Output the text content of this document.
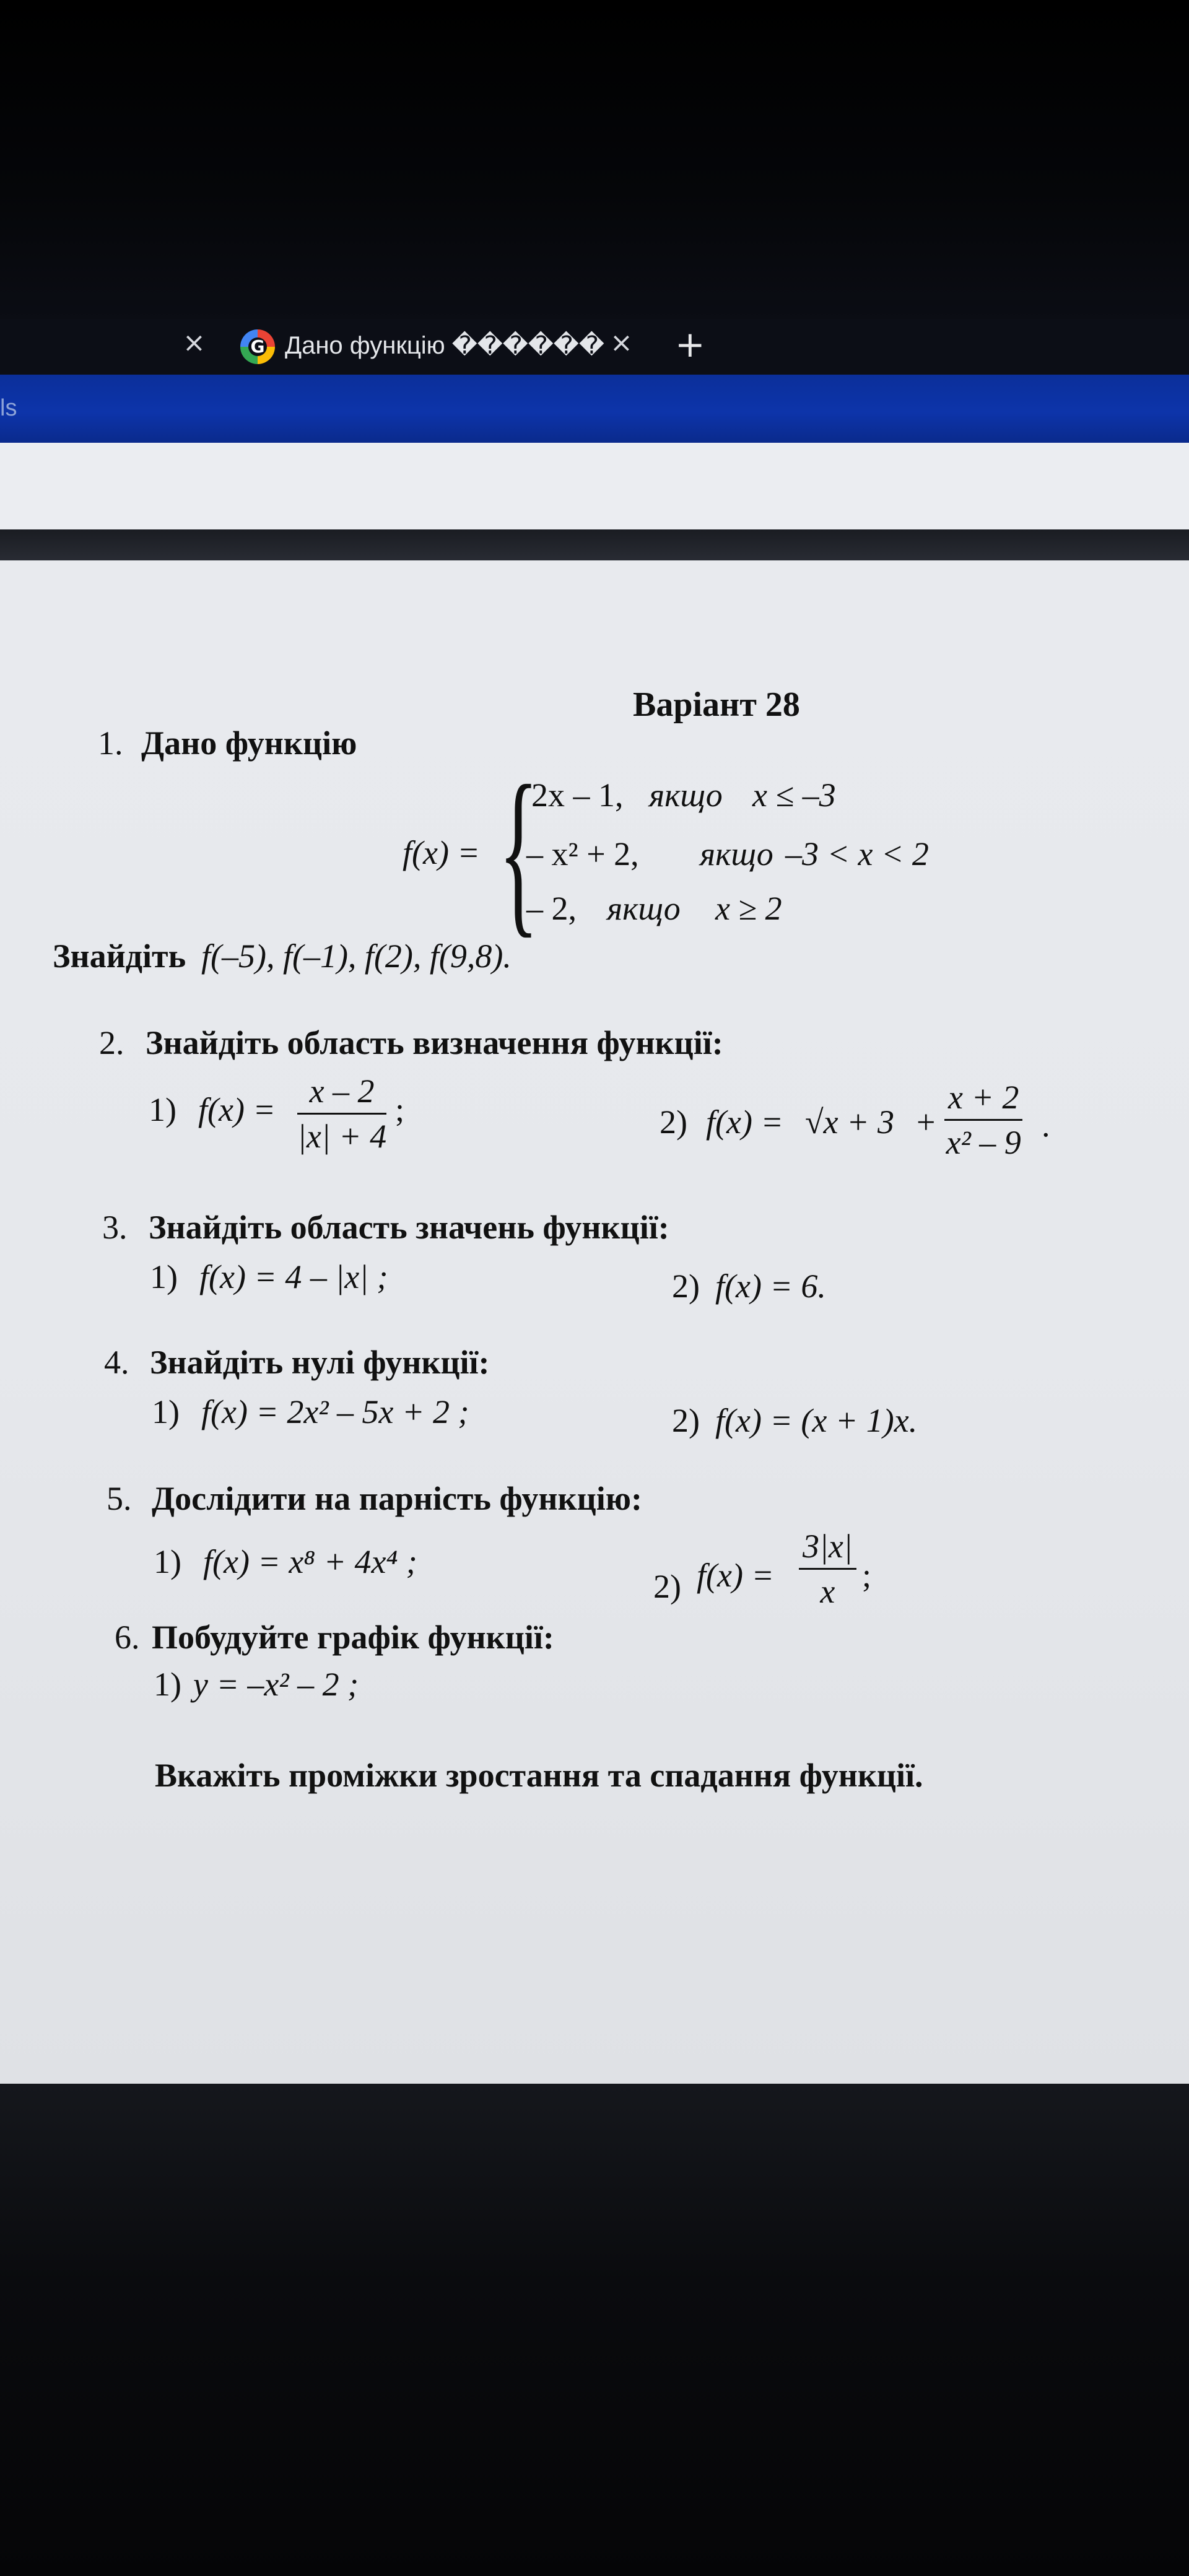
×	G Дано функцію ������ × +
ls
Варіант 28
1. Дано функцію
f(x) = {
2x – 1, якщо x ≤ –3
– x² + 2, якщо –3 < x < 2
– 2, якщо x ≥ 2
Знайдіть f(–5), f(–1), f(2), f(9,8).
2. Знайдіть область визначення функції:
1) $f(x) = \frac{x - 2}{|x| + 4}$ ;	2) $f(x) = √x + 3 + \frac{x + 2}{\text{x² – 9}}$ .
3. Знайдіть область значень функції:
1) f(x) = 4 – |x| ;	2) f(x) = 6.
4. Знайдіть нулі функції:
1) f(x) = 2x² – 5x + 2 ;	2) f(x) = (x + 1)x.
5. Дослідити на парність функцію:
1) f(x) = x⁸ + 4x⁴ ;
2) $f(x) = \frac{3|x|}{x}$ ;
6. Побудуйте графік функції:
1) y = –x² – 2 ;
Вкажіть проміжки зростання та спадання функції.
